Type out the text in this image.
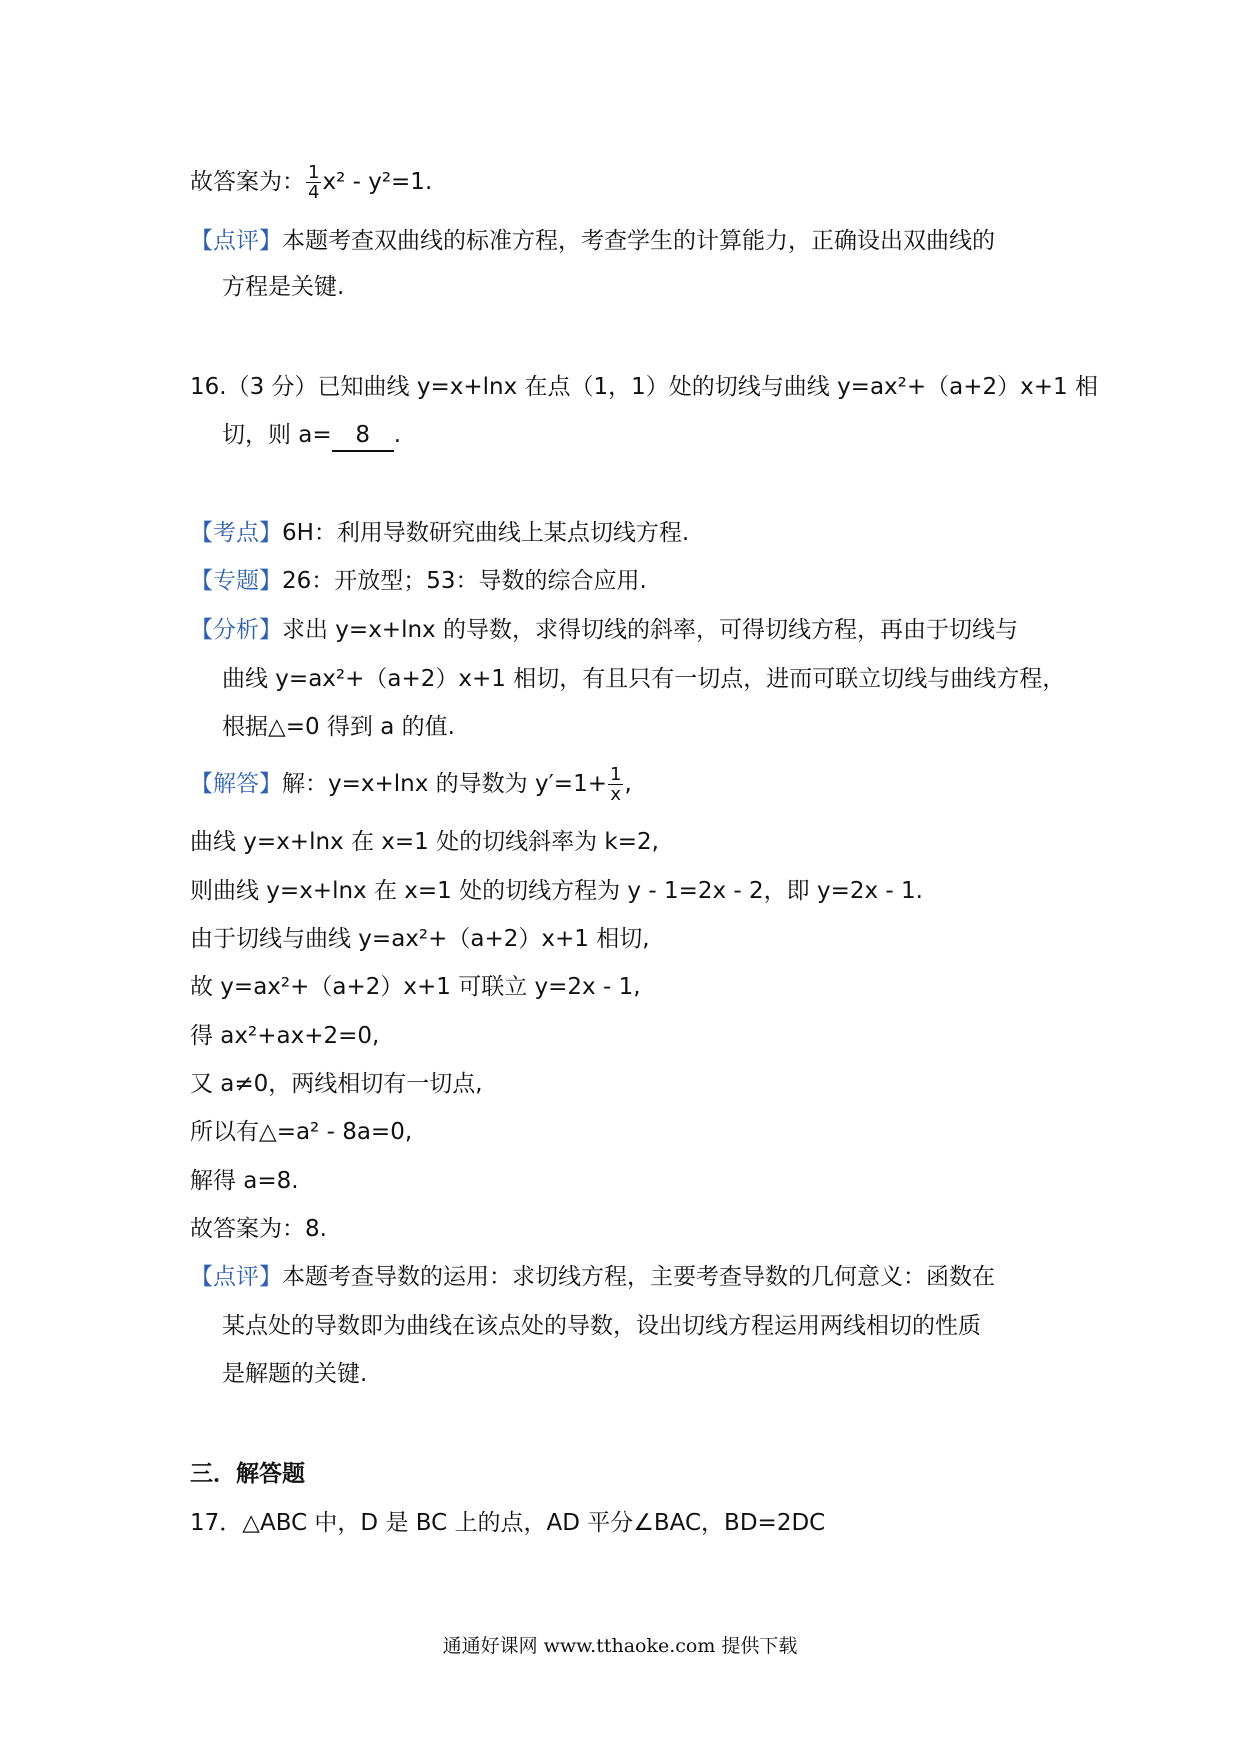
故答案为： $\frac{1}{4} x^2 - y^2=1$.
【点评】本题考查双曲线的标准方程，考查学生的计算能力，正确设出双曲线的
方程是关键.
16.（3 分）已知曲线 y=x+lnx 在点（1，1）处的切线与曲线 y=ax²+（a+2）x+1 相
切，则 a= 8 .
【考点】6H：利用导数研究曲线上某点切线方程.
【专题】26：开放型；53：导数的综合应用.
【分析】求出 y=x+lnx 的导数，求得切线的斜率，可得切线方程，再由于切线与
曲线 y=ax²+（a+2）x+1 相切，有且只有一切点，进而可联立切线与曲线方程，
根据△=0 得到 a 的值.
【解答】解：y=x+lnx 的导数为 $y'=1+ \frac{1}{x}$ ,
曲线 y=x+lnx 在 x=1 处的切线斜率为 k=2,
则曲线 y=x+lnx 在 x=1 处的切线方程为 y - 1=2x - 2，即 y=2x - 1.
由于切线与曲线 y=ax²+（a+2）x+1 相切,
故 y=ax²+（a+2）x+1 可联立 y=2x - 1,
得 ax²+ax+2=0,
又 a≠0，两线相切有一切点,
所以有△=a² - 8a=0,
解得 a=8.
故答案为：8.
【点评】本题考查导数的运用：求切线方程，主要考查导数的几何意义：函数在
某点处的导数即为曲线在该点处的导数，设出切线方程运用两线相切的性质
是解题的关键.
三．解答题
17．△ABC 中，D 是 BC 上的点，AD 平分∠BAC，BD=2DC
通通好课网 www.tthaoke.com 提供下载
